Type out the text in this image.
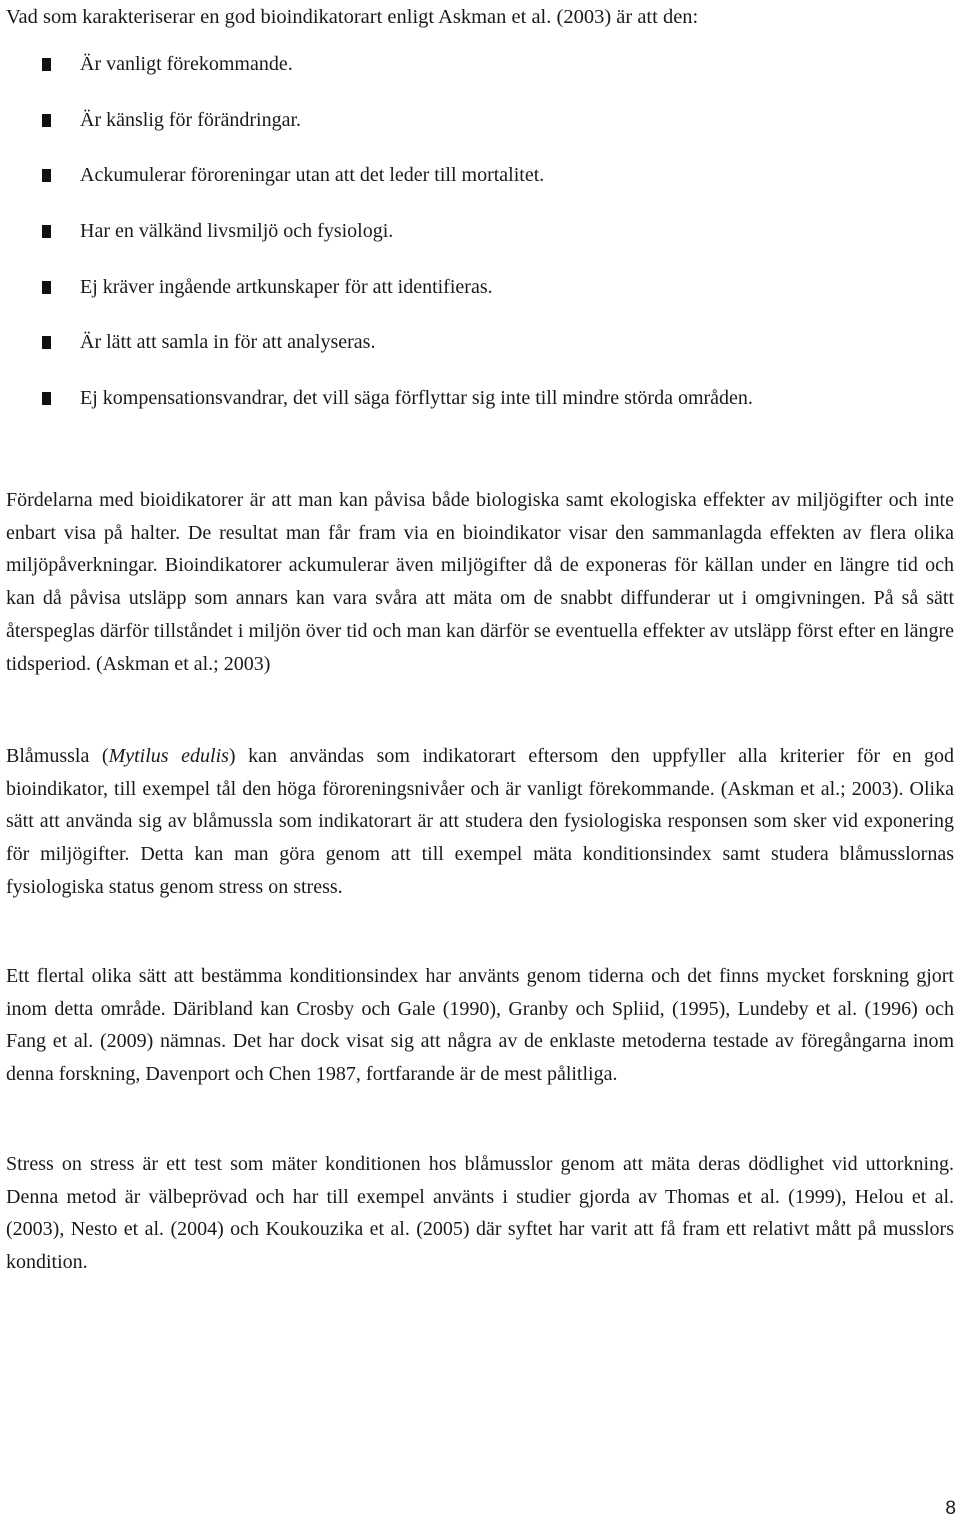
Vad som karakteriserar en god bioindikatorart enligt Askman et al. (2003) är att den:
Är vanligt förekommande.
Är känslig för förändringar.
Ackumulerar föroreningar utan att det leder till mortalitet.
Har en välkänd livsmiljö och fysiologi.
Ej kräver ingående artkunskaper för att identifieras.
Är lätt att samla in för att analyseras.
Ej kompensationsvandrar, det vill säga förflyttar sig inte till mindre störda områden.

Fördelarna med bioidikatorer är att man kan påvisa både biologiska samt ekologiska effekter av miljögifter och inte enbart visa på halter. De resultat man får fram via en bioindikator visar den sammanlagda effekten av flera olika miljöpåverkningar. Bioindikatorer ackumulerar även miljögifter då de exponeras för källan under en längre tid och kan då påvisa utsläpp som annars kan vara svåra att mäta om de snabbt diffunderar ut i omgivningen. På så sätt återspeglas därför tillståndet i miljön över tid och man kan därför se eventuella effekter av utsläpp först efter en längre tidsperiod. (Askman et al.; 2003)

Blåmussla (Mytilus edulis) kan användas som indikatorart eftersom den uppfyller alla kriterier för en god bioindikator, till exempel tål den höga föroreningsnivåer och är vanligt förekommande. (Askman et al.; 2003). Olika sätt att använda sig av blåmussla som indikatorart är att studera den fysiologiska responsen som sker vid exponering för miljögifter. Detta kan man göra genom att till exempel mäta konditionsindex samt studera blåmusslornas fysiologiska status genom stress on stress.

Ett flertal olika sätt att bestämma konditionsindex har använts genom tiderna och det finns mycket forskning gjort inom detta område. Däribland kan Crosby och Gale (1990), Granby och Spliid, (1995), Lundeby et al. (1996) och Fang et al. (2009) nämnas. Det har dock visat sig att några av de enklaste metoderna testade av föregångarna inom denna forskning, Davenport och Chen 1987, fortfarande är de mest pålitliga.

Stress on stress är ett test som mäter konditionen hos blåmusslor genom att mäta deras dödlighet vid uttorkning. Denna metod är välbeprövad och har till exempel använts i studier gjorda av Thomas et al. (1999), Helou et al. (2003), Nesto et al. (2004) och Koukouzika et al. (2005) där syftet har varit att få fram ett relativt mått på musslors kondition.

8
